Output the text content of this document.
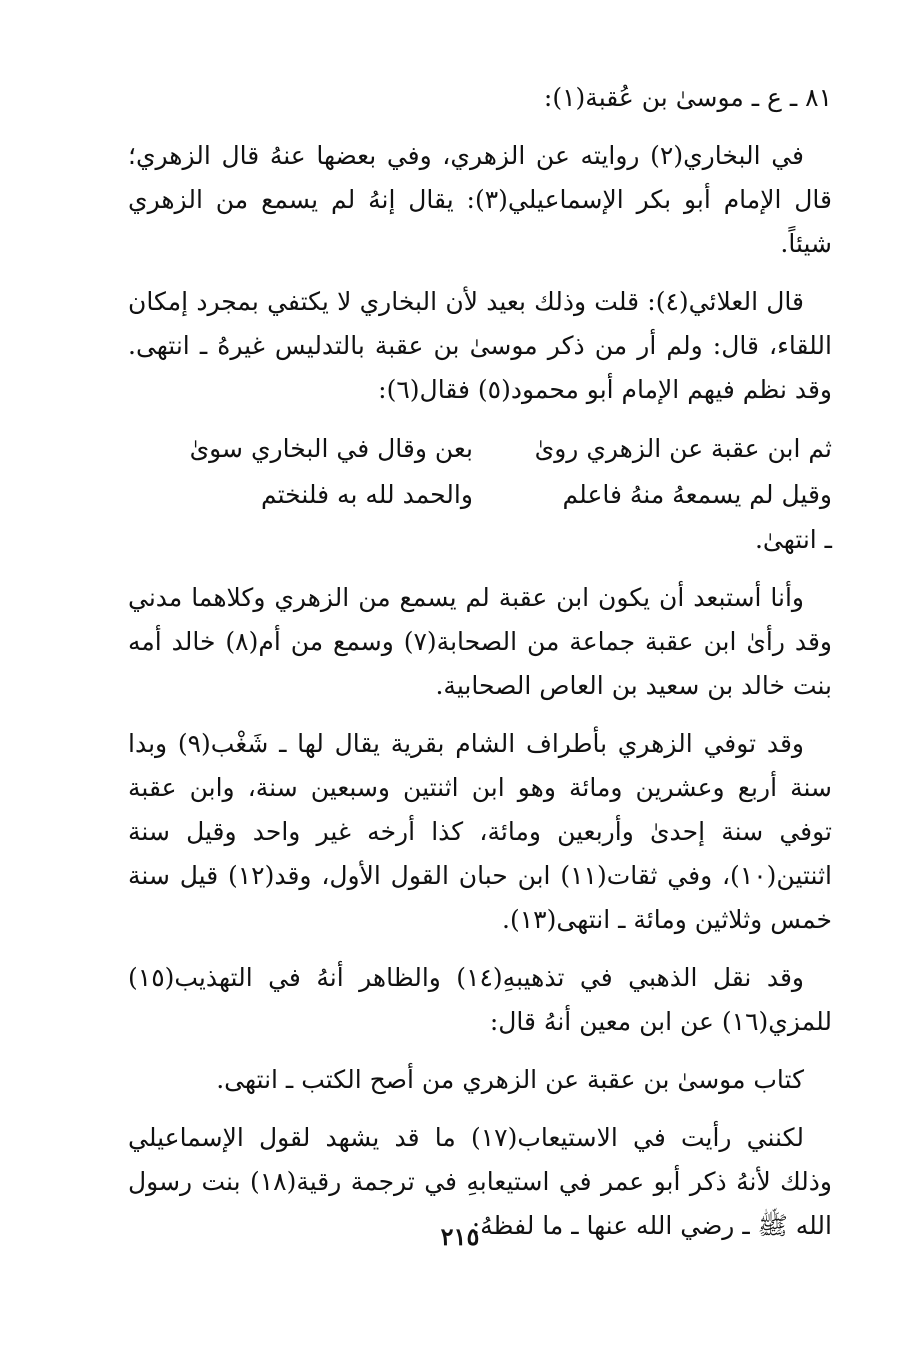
٨١ ـ ع ـ موسىٰ بن عُقبة(١):

في البخاري(٢) روايته عن الزهري، وفي بعضها عنهُ قال الزهري؛ قال الإمام أبو بكر الإسماعيلي(٣): يقال إنهُ لم يسمع من الزهري شيئاً.

قال العلائي(٤): قلت وذلك بعيد لأن البخاري لا يكتفي بمجرد إمكان اللقاء، قال: ولم أر من ذكر موسىٰ بن عقبة بالتدليس غيرهُ ـ انتهى. وقد نظم فيهم الإمام أبو محمود(٥) فقال(٦):

ثم ابن عقبة عن الزهري روىٰ
بعن وقال في البخاري سوىٰ
وقيل لم يسمعهُ منهُ فاعلم
والحمد لله به فلنختم
ـ انتهىٰ.

وأنا أستبعد أن يكون ابن عقبة لم يسمع من الزهري وكلاهما مدني وقد رأىٰ ابن عقبة جماعة من الصحابة(٧) وسمع من أم(٨) خالد أمه بنت خالد بن سعيد بن العاص الصحابية.

وقد توفي الزهري بأطراف الشام بقرية يقال لها ـ شَغْب(٩) وبدا سنة أربع وعشرين ومائة وهو ابن اثنتين وسبعين سنة، وابن عقبة توفي سنة إحدىٰ وأربعين ومائة، كذا أرخه غير واحد وقيل سنة اثنتين(١٠)، وفي ثقات(١١) ابن حبان القول الأول، وقد(١٢) قيل سنة خمس وثلاثين ومائة ـ انتهى(١٣).

وقد نقل الذهبي في تذهيبهِ(١٤) والظاهر أنهُ في التهذيب(١٥) للمزي(١٦) عن ابن معين أنهُ قال:

كتاب موسىٰ بن عقبة عن الزهري من أصح الكتب ـ انتهى.

لكنني رأيت في الاستيعاب(١٧) ما قد يشهد لقول الإسماعيلي وذلك لأنهُ ذكر أبو عمر في استيعابهِ في ترجمة رقية(١٨) بنت رسول الله ﷺ ـ رضي الله عنها ـ ما لفظهُ:

٢١٥
